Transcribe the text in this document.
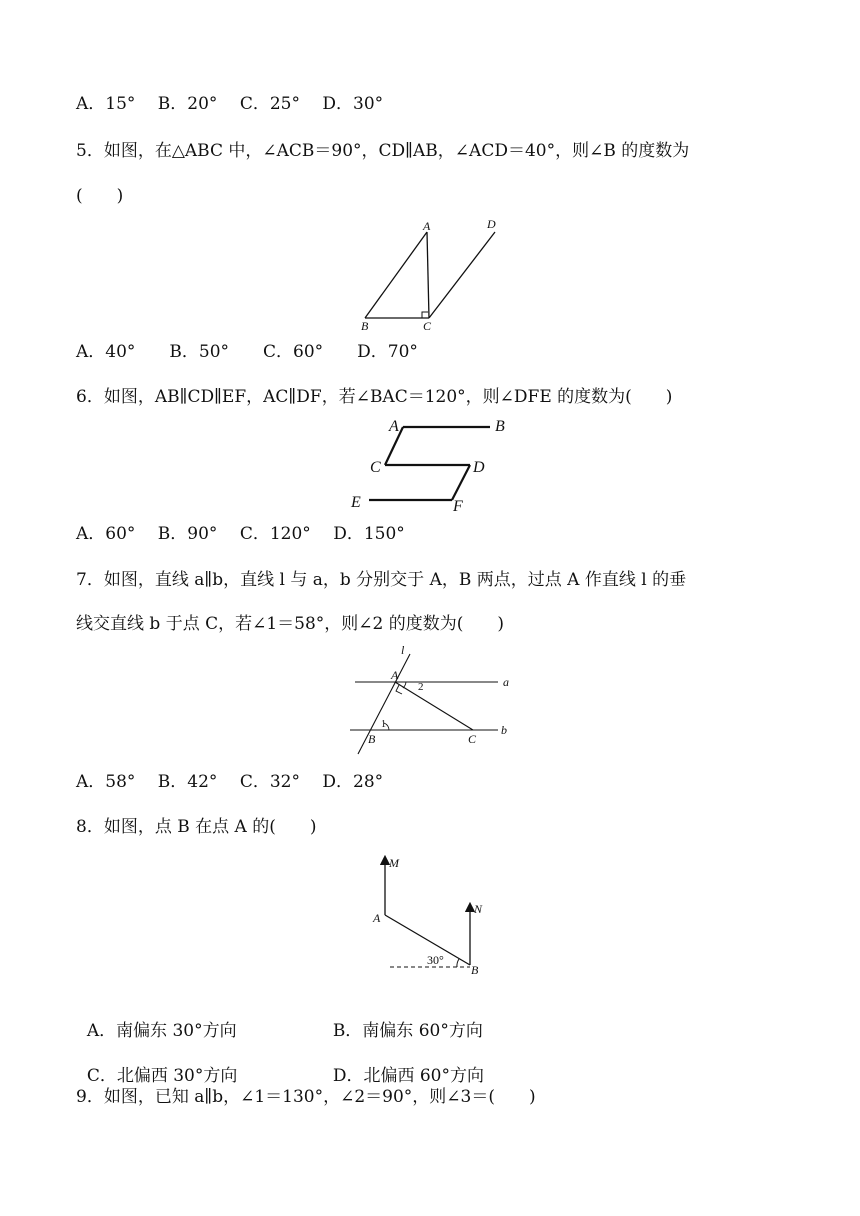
A．15°　 B．20°　 C．25°　 D．30°
5．如图，在△ABC 中，∠ACB＝90°，CD∥AB，∠ACD＝40°，则∠B 的度数为
(　　)
A
B	C
D
A．40°　　B．50°　　C．60°　　D．70°
6．如图，AB∥CD∥EF，AC∥DF，若∠BAC＝120°，则∠DFE 的度数为(　　)
A	B
C	D
E	F
A．60°　 B．90°　 C．120°　 D．150°
7．如图，直线 a∥b，直线 l 与 a，b 分别交于 A，B 两点，过点 A 作直线 l 的垂
线交直线 b 于点 C，若∠1＝58°，则∠2 的度数为(　　)
l
A
2	a
1
B	C
b
A．58°　 B．42°　 C．32°　 D．28°
8．如图，点 B 在点 A 的(　　)
M
N
A
B
30°

A．南偏东 30°方向	B．南偏东 60°方向

C．北偏西 30°方向	D．北偏西 60°方向

9．如图，已知 a∥b，∠1＝130°，∠2＝90°，则∠3＝(　　)
